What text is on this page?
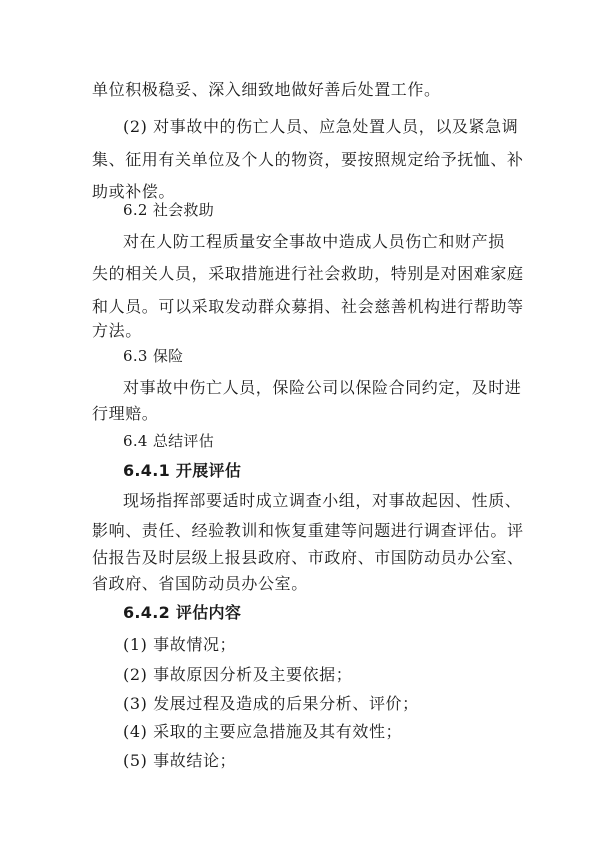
单位积极稳妥、深入细致地做好善后处置工作。
(2) 对事故中的伤亡人员、应急处置人员，以及紧急调
集、征用有关单位及个人的物资，要按照规定给予抚恤、补
助或补偿。
6.2 社会救助
对在人防工程质量安全事故中造成人员伤亡和财产损
失的相关人员，采取措施进行社会救助，特别是对困难家庭
和人员。可以采取发动群众募捐、社会慈善机构进行帮助等
方法。
6.3 保险
对事故中伤亡人员，保险公司以保险合同约定，及时进
行理赔。
6.4 总结评估
6.4.1 开展评估
现场指挥部要适时成立调查小组，对事故起因、性质、
影响、责任、经验教训和恢复重建等问题进行调查评估。评
估报告及时层级上报县政府、市政府、市国防动员办公室、
省政府、省国防动员办公室。
6.4.2 评估内容
(1) 事故情况；
(2) 事故原因分析及主要依据；
(3) 发展过程及造成的后果分析、评价；
(4) 采取的主要应急措施及其有效性；
(5) 事故结论；
